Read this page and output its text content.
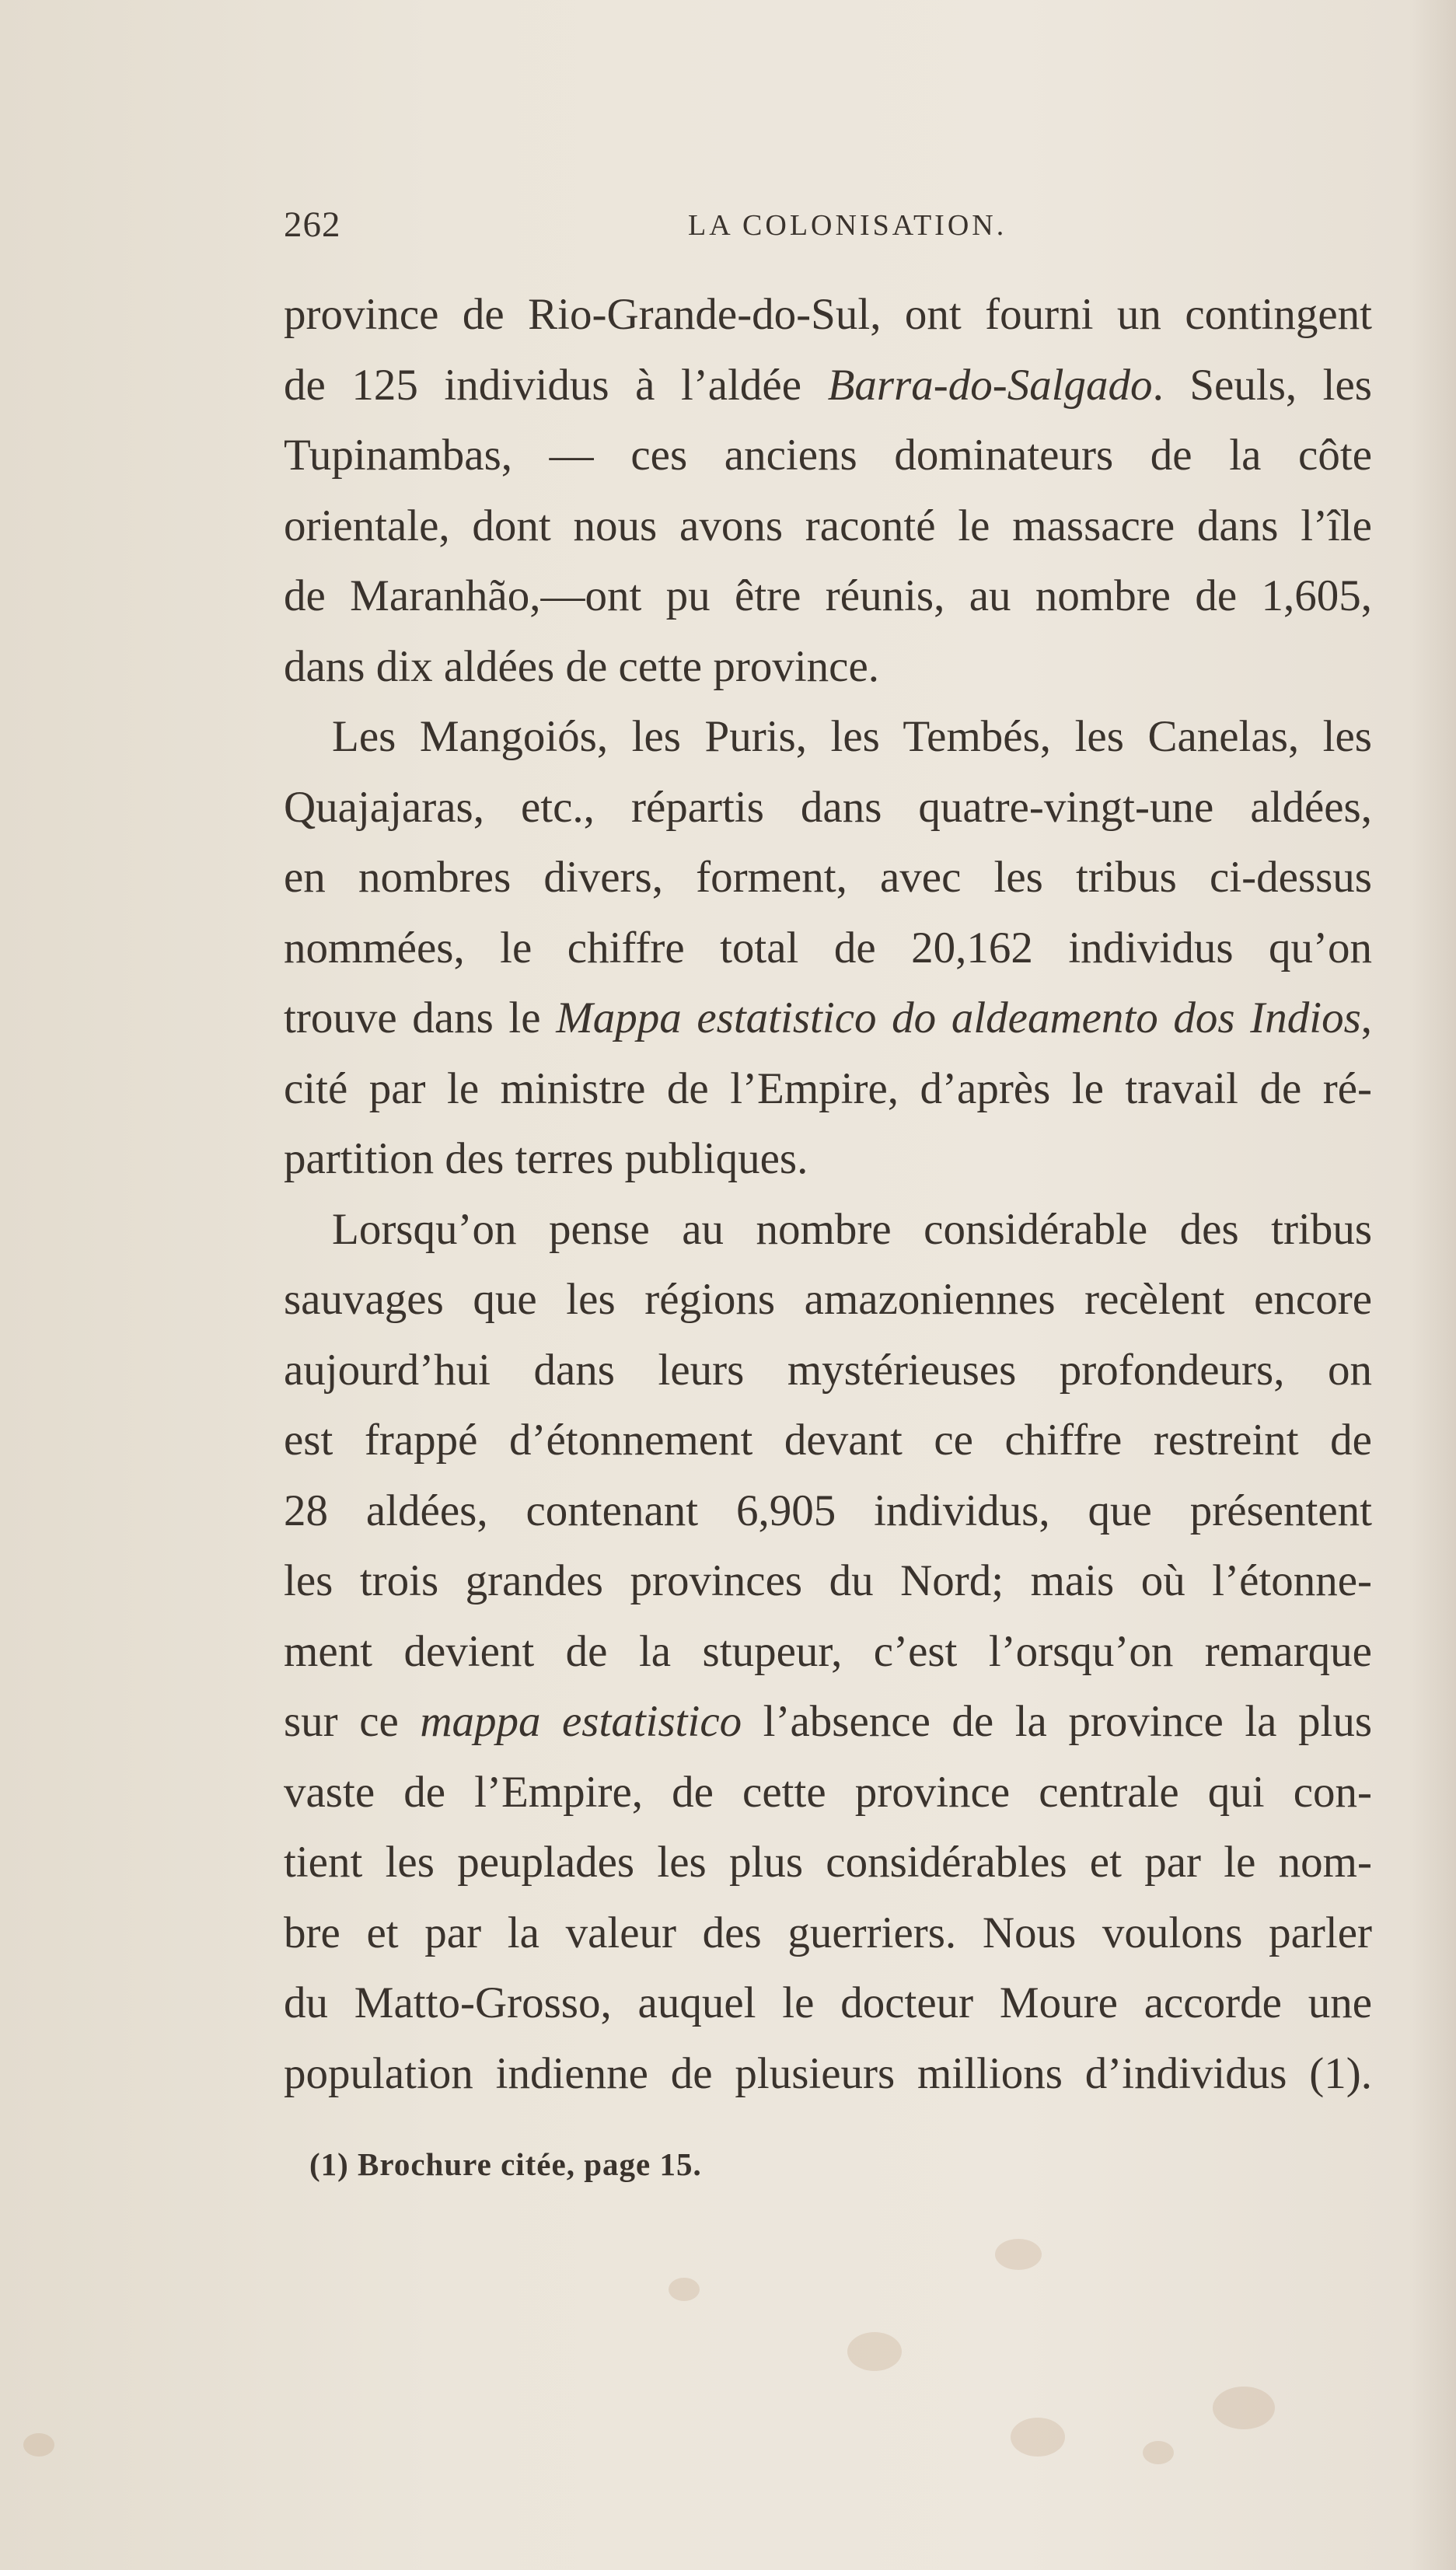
262	LA COLONISATION.
province de Rio-Grande-do-Sul, ont fourni un contingent
de 125 individus à l’aldée Barra-do-Salgado. Seuls, les
Tupinambas, — ces anciens dominateurs de la côte
orientale, dont nous avons raconté le massacre dans l’île
de Maranhão,—ont pu être réunis, au nombre de 1,605,
dans dix aldées de cette province.
Les Mangoiós, les Puris, les Tembés, les Canelas, les
Quajajaras, etc., répartis dans quatre-vingt-une aldées,
en nombres divers, forment, avec les tribus ci-dessus
nommées, le chiffre total de 20,162 individus qu’on
trouve dans le Mappa estatistico do aldeamento dos Indios,
cité par le ministre de l’Empire, d’après le travail de ré-
partition des terres publiques.
Lorsqu’on pense au nombre considérable des tribus
sauvages que les régions amazoniennes recèlent encore
aujourd’hui dans leurs mystérieuses profondeurs, on
est frappé d’étonnement devant ce chiffre restreint de
28 aldées, contenant 6,905 individus, que présentent
les trois grandes provinces du Nord; mais où l’étonne-
ment devient de la stupeur, c’est l’orsqu’on remarque
sur ce mappa estatistico l’absence de la province la plus
vaste de l’Empire, de cette province centrale qui con-
tient les peuplades les plus considérables et par le nom-
bre et par la valeur des guerriers. Nous voulons parler
du Matto-Grosso, auquel le docteur Moure accorde une
population indienne de plusieurs millions d’individus (1).
(1) Brochure citée, page 15.
